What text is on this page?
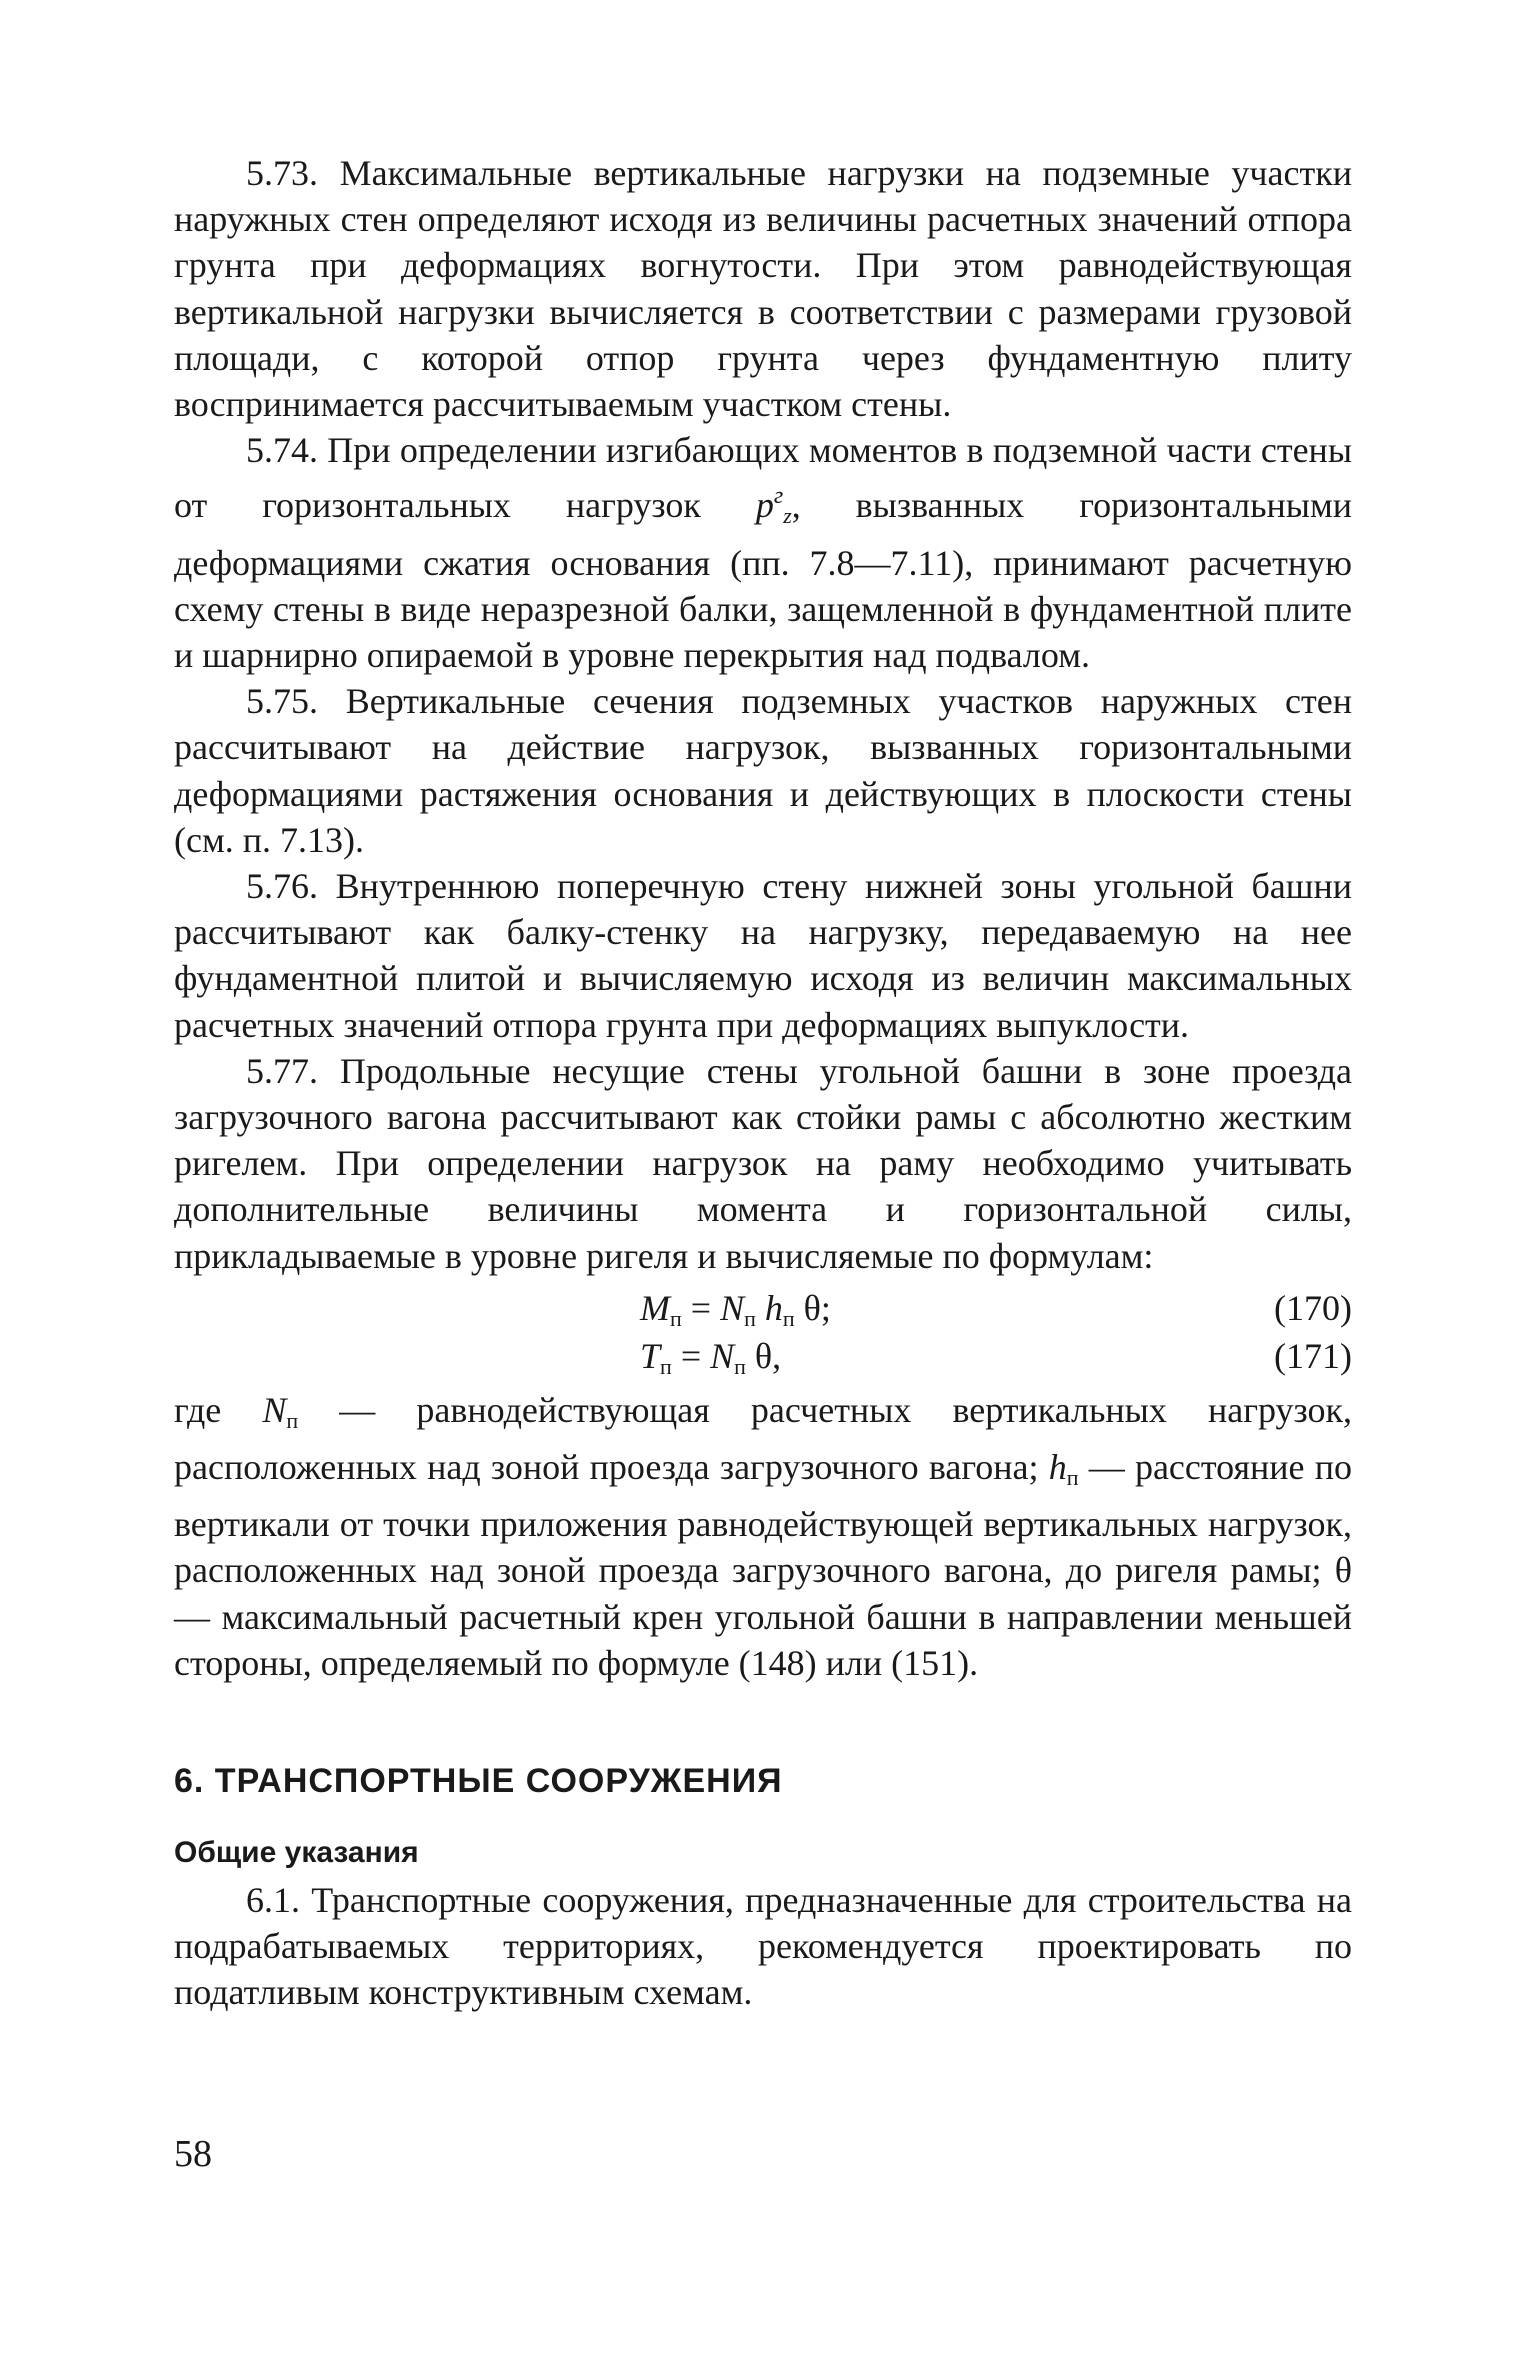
5.73. Максимальные вертикальные нагрузки на подземные участки наружных стен определяют исходя из величины расчетных значений отпора грунта при деформациях вогнутости. При этом равнодействующая вертикальной нагрузки вычисляется в соответствии с размерами грузовой площади, с которой отпор грунта через фундаментную плиту воспринимается рассчитываемым участком стены.

5.74. При определении изгибающих моментов в подземной части стены от горизонтальных нагрузок $p^г_z$, вызванных горизонтальными деформациями сжатия основания (пп. 7.8—7.11), принимают расчетную схему стены в виде неразрезной балки, защемленной в фундаментной плите и шарнирно опираемой в уровне перекрытия над подвалом.

5.75. Вертикальные сечения подземных участков наружных стен рассчитывают на действие нагрузок, вызванных горизонтальными деформациями растяжения основания и действующих в плоскости стены (см. п. 7.13).

5.76. Внутреннюю поперечную стену нижней зоны угольной башни рассчитывают как балку-стенку на нагрузку, передаваемую на нее фундаментной плитой и вычисляемую исходя из величин максимальных расчетных значений отпора грунта при деформациях выпуклости.

5.77. Продольные несущие стены угольной башни в зоне проезда загрузочного вагона рассчитывают как стойки рамы с абсолютно жестким ригелем. При определении нагрузок на раму необходимо учитывать дополнительные величины момента и горизонтальной силы, прикладываемые в уровне ригеля и вычисляемые по формулам:

$M_п = N_п$ $h_п$ θ;	(170)
$T_п = N_п$ θ,	(171)

где $N_п$ — равнодействующая расчетных вертикальных нагрузок, расположенных над зоной проезда загрузочного вагона; $h_п$ — расстояние по вертикали от точки приложения равнодействующей вертикальных нагрузок, расположенных над зоной проезда загрузочного вагона, до ригеля рамы; θ — максимальный расчетный крен угольной башни в направлении меньшей стороны, определяемый по формуле (148) или (151).

6. ТРАНСПОРТНЫЕ СООРУЖЕНИЯ
Общие указания

6.1. Транспортные сооружения, предназначенные для строительства на подрабатываемых территориях, рекомендуется проектировать по податливым конструктивным схемам.

58
